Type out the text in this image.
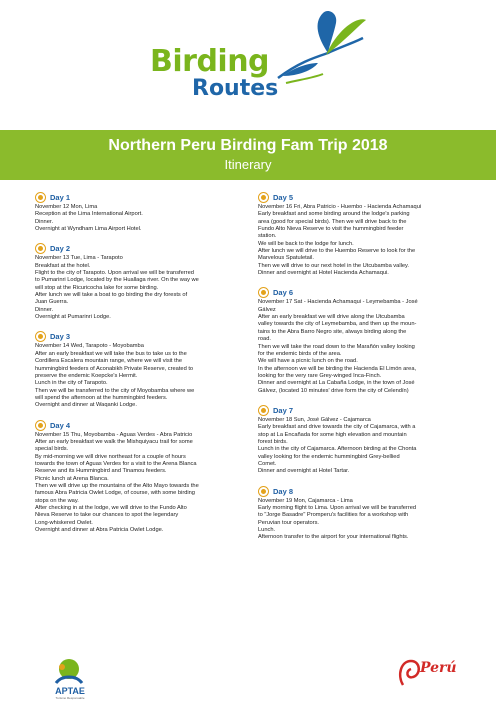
Birding
Routes
Northern Peru Birding Fam Trip 2018
Itinerary
Day 1
November 12 Mon, Lima
Reception at the Lima International Airport.
Dinner.
Overnight at Wyndham Lima Airport Hotel.
Day 2
November 13 Tue, Lima - Tarapoto
Breakfast at the hotel.
Flight to the city of Tarapoto. Upon arrival we will be transferred
to Pumarinri Lodge, located by the Huallaga river. On the way we
will stop at the Ricuricocha lake for some birding.
After lunch we will take a boat to go birding the dry forests of
Juan Guerra.
Dinner.
Overnight at Pumarinri Lodge.
Day 3
November 14 Wed, Tarapoto - Moyobamba
After an early breakfast we will take the bus to take us to the
Cordillera Escalera mountain range, where we will visit the
hummingbird feeders of Aconabikh Private Reserve, created to
preserve the endemic Koepcke's Hermit.
Lunch in the city of Tarapoto.
Then we will be transferred to the city of Moyobamba where we
will spend the afternoon at the hummingbird feeders.
Overnight and dinner at Waqanki Lodge.
Day 4
November 15 Thu, Moyobamba - Aguas Verdes - Abra Patricio
After an early breakfast we walk the Mishquiyacu trail for some
special birds.
By mid-morning we will drive northeast for a couple of hours
towards the town of Aguas Verdes for a visit to the Arena Blanca
Reserve and its Hummingbird and Tinamou feeders.
Picnic lunch at Arena Blanca.
Then we will drive up the mountains of the Alto Mayo towards the
famous Abra Patricia Owlet Lodge, of course, with some birding
stops on the way.
After checking in at the lodge, we will drive to the Fundo Alto
Nieva Reserve to take our chances to spot the legendary
Long-whiskered Owlet.
Overnight and dinner at Abra Patricia Owlet Lodge.
Day 5
November 16 Fri, Abra Patricio - Huembo - Hacienda Achamaqui
Early breakfast and some birding around the lodge's parking
area (good for special birds). Then we will drive back to the
Fundo Alto Nieva Reserve to visit the hummingbird feeder
station.
We will be back to the lodge for lunch.
After lunch we will drive to the Huembo Reserve to look for the
Marvelous Spatuletail.
Then we will drive to our next hotel in the Utcubamba valley.
Dinner and overnight at Hotel Hacienda Achamaqui.
Day 6
November 17 Sat - Hacienda Achamaqui - Leymebamba - José
Gálvez
After an early breakfast we will drive along the Utcubamba
valley towards the city of Leymebamba, and then up the moun-
tains to the Abra Barro Negro site, always birding along the
road.
Then we will take the road down to the Marañón valley looking
for the endemic birds of the area.
We will have a picnic lunch on the road.
In the afternoon we will be birding the Hacienda El Limón area,
looking for the very rare Grey-winged Inca-Finch.
Dinner and overnight at La Cabaña Lodge, in the town of José
Gálvez, (located 10 minutes' drive form the city of Celendín)
Day 7
November 18 Sun, José Gálvez - Cajamarca
Early breakfast and drive towards the city of Cajamarca, with a
stop at La Encañada for some high elevation and mountain
forest birds.
Lunch in the city of Cajamarca. Afternoon birding at the Chonta
valley looking for the endemic hummingbird Grey-bellied
Comet.
Dinner and overnight at Hotel Tartar.
Day 8
November 19 Mon, Cajamarca - Lima
Early morning flight to Lima. Upon arrival we will be transferred
to "Jorge Basadre" Promperu's facilities for a workshop with
Peruvian tour operators.
Lunch.
Afternoon transfer to the airport for your international flights.
APTAE
Turismo Responsable
Perú
